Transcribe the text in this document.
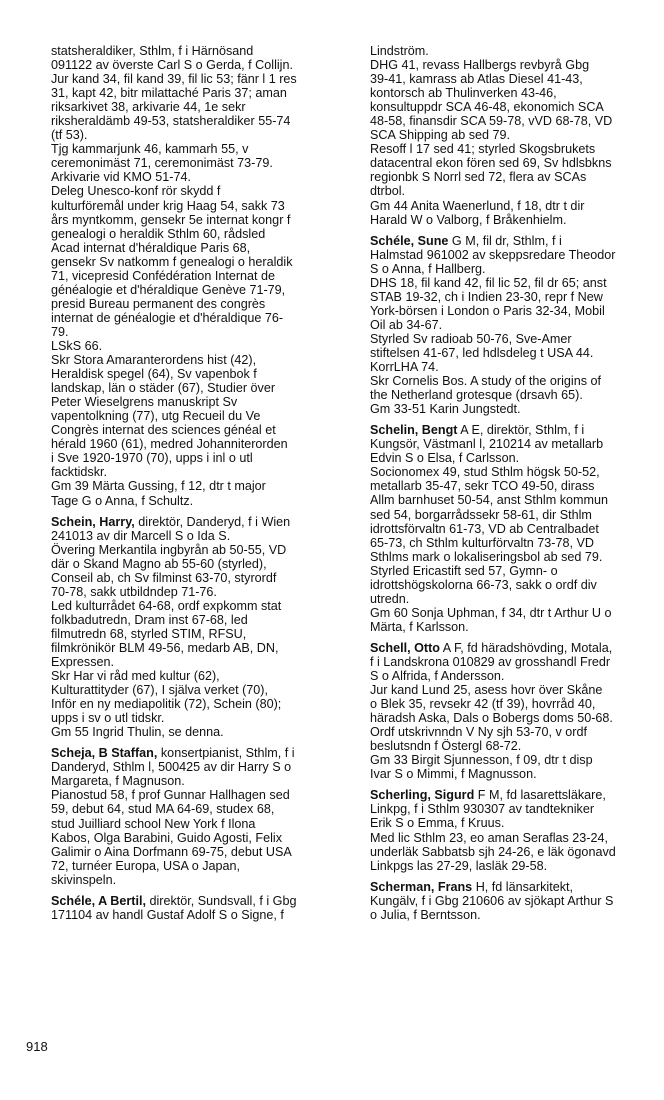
statsheraldiker, Sthlm, f i Härnösand
091122 av överste Carl S o Gerda, f Collijn.
Jur kand 34, fil kand 39, fil lic 53; fänr l 1 res
31, kapt 42, bitr milattaché Paris 37; aman
riksarkivet 38, arkivarie 44, 1e sekr
riksheraldämb 49-53, statsheraldiker 55-74
(tf 53).
Tjg kammarjunk 46, kammarh 55, v
ceremonimäst 71, ceremonimäst 73-79.
Arkivarie vid KMO 51-74.
Deleg Unesco-konf rör skydd f
kulturföremål under krig Haag 54, sakk 73
års myntkomm, gensekr 5e internat kongr f
genealogi o heraldik Sthlm 60, rådsled
Acad internat d'héraldique Paris 68,
gensekr Sv natkomm f genealogi o heraldik
71, vicepresid Confédération Internat de
généalogie et d'héraldique Genève 71-79,
presid Bureau permanent des congrès
internat de généalogie et d'héraldique 76-
79.
LSkS 66.
Skr Stora Amaranterordens hist (42),
Heraldisk spegel (64), Sv vapenbok f
landskap, län o städer (67), Studier över
Peter Wieselgrens manuskript Sv
vapentolkning (77), utg Recueil du Ve
Congrès internat des sciences généal et
hérald 1960 (61), medred Johanniterorden
i Sve 1920-1970 (70), upps i inl o utl
facktidskr.
Gm 39 Märta Gussing, f 12, dtr t major
Tage G o Anna, f Schultz.
Schein, Harry, direktör, Danderyd, f i Wien
241013 av dir Marcell S o Ida S.
Övering Merkantila ingbyrån ab 50-55, VD
där o Skand Magno ab 55-60 (styrled),
Conseil ab, ch Sv filminst 63-70, styrordf
70-78, sakk utbildndep 71-76.
Led kulturrådet 64-68, ordf expkomm stat
folkbadutredn, Dram inst 67-68, led
filmutredn 68, styrled STIM, RFSU,
filmkrönikör BLM 49-56, medarb AB, DN,
Expressen.
Skr Har vi råd med kultur (62),
Kulturattityder (67), I själva verket (70),
Inför en ny mediapolitik (72), Schein (80);
upps i sv o utl tidskr.
Gm 55 Ingrid Thulin, se denna.
Scheja, B Staffan, konsertpianist, Sthlm, f i
Danderyd, Sthlm l, 500425 av dir Harry S o
Margareta, f Magnuson.
Pianostud 58, f prof Gunnar Hallhagen sed
59, debut 64, stud MA 64-69, studex 68,
stud Juilliard school New York f Ilona
Kabos, Olga Barabini, Guido Agosti, Felix
Galimir o Aina Dorfmann 69-75, debut USA
72, turnéer Europa, USA o Japan,
skivinspeln.
Schéle, A Bertil, direktör, Sundsvall, f i Gbg
171104 av handl Gustaf Adolf S o Signe, f
Lindström.
DHG 41, revass Hallbergs revbyrå Gbg
39-41, kamrass ab Atlas Diesel 41-43,
kontorsch ab Thulinverken 43-46,
konsultuppdr SCA 46-48, ekonomich SCA
48-58, finansdir SCA 59-78, vVD 68-78, VD
SCA Shipping ab sed 79.
Resoff l 17 sed 41; styrled Skogsbrukets
datacentral ekon fören sed 69, Sv hdlsbkns
regionbk S Norrl sed 72, flera av SCAs
dtrbol.
Gm 44 Anita Waenerlund, f 18, dtr t dir
Harald W o Valborg, f Bråkenhielm.
Schéle, Sune G M, fil dr, Sthlm, f i
Halmstad 961002 av skeppsredare Theodor
S o Anna, f Hallberg.
DHS 18, fil kand 42, fil lic 52, fil dr 65; anst
STAB 19-32, ch i Indien 23-30, repr f New
York-börsen i London o Paris 32-34, Mobil
Oil ab 34-67.
Styrled Sv radioab 50-76, Sve-Amer
stiftelsen 41-67, led hdlsdeleg t USA 44.
KorrLHA 74.
Skr Cornelis Bos. A study of the origins of
the Netherland grotesque (drsavh 65).
Gm 33-51 Karin Jungstedt.
Schelin, Bengt A E, direktör, Sthlm, f i
Kungsör, Västmanl l, 210214 av metallarb
Edvin S o Elsa, f Carlsson.
Socionomex 49, stud Sthlm högsk 50-52,
metallarb 35-47, sekr TCO 49-50, dirass
Allm barnhuset 50-54, anst Sthlm kommun
sed 54, borgarrådssekr 58-61, dir Sthlm
idrottsförvaltn 61-73, VD ab Centralbadet
65-73, ch Sthlm kulturförvaltn 73-78, VD
Sthlms mark o lokaliseringsbol ab sed 79.
Styrled Ericastift sed 57, Gymn- o
idrottshögskolorna 66-73, sakk o ordf div
utredn.
Gm 60 Sonja Uphman, f 34, dtr t Arthur U o
Märta, f Karlsson.
Schell, Otto A F, fd häradshövding, Motala,
f i Landskrona 010829 av grosshandl Fredr
S o Alfrida, f Andersson.
Jur kand Lund 25, asess hovr över Skåne
o Blek 35, revsekr 42 (tf 39), hovrråd 40,
häradsh Aska, Dals o Bobergs doms 50-68.
Ordf utskrivnndn V Ny sjh 53-70, v ordf
beslutsndn f Östergl 68-72.
Gm 33 Birgit Sjunnesson, f 09, dtr t disp
Ivar S o Mimmi, f Magnusson.
Scherling, Sigurd F M, fd lasarettsläkare,
Linkpg, f i Sthlm 930307 av tandtekniker
Erik S o Emma, f Kruus.
Med lic Sthlm 23, eo aman Seraflas 23-24,
underläk Sabbatsb sjh 24-26, e läk ögonavd
Linkpgs las 27-29, lasläk 29-58.
Scherman, Frans H, fd länsarkitekt,
Kungälv, f i Gbg 210606 av sjökapt Arthur S
o Julia, f Berntsson.
918
